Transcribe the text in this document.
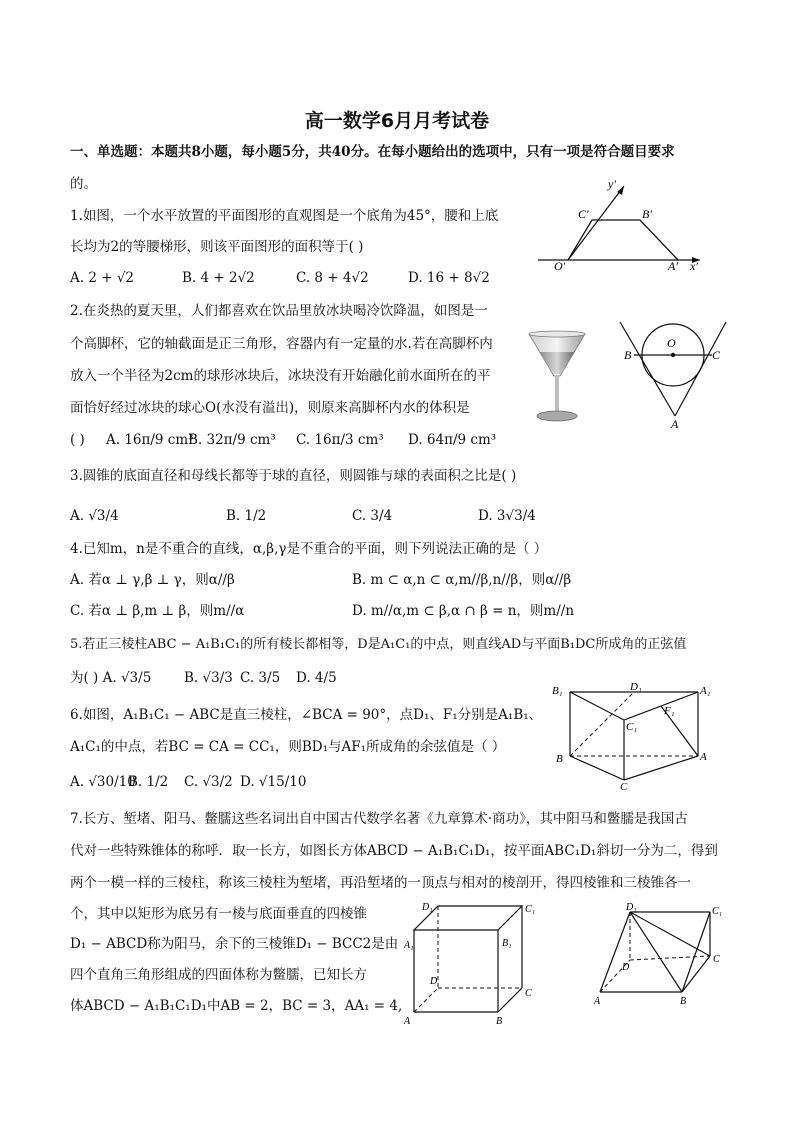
高一数学6月月考试卷
一、单选题：本题共8小题，每小题5分，共40分。在每小题给出的选项中，只有一项是符合题目要求
的。
1.如图，一个水平放置的平面图形的直观图是一个底角为45°，腰和上底
长均为2的等腰梯形，则该平面图形的面积等于( )
A. 2 + √2	B. 4 + 2√2	C. 8 + 4√2	D. 16 + 8√2
y′
x′
O′	A′
B′
C′
2.在炎热的夏天里，人们都喜欢在饮品里放冰块喝冷饮降温，如图是一
个高脚杯，它的轴截面是正三角形，容器内有一定量的水.若在高脚杯内
放入一个半径为2cm的球形冰块后，冰块没有开始融化前水面所在的平
面恰好经过冰块的球心O(水没有溢出)，则原来高脚杯内水的体积是
( ) A. 16π/9 cm³
B. 32π/9 cm³ C. 16π/3 cm³ D. 64π/9 cm³
O
B	C
A
3.圆锥的底面直径和母线长都等于球的直径，则圆锥与球的表面积之比是( )
A. √3/4	B. 1/2	C. 3/4	D. 3√3/4
4.已知m，n是不重合的直线，α,β,γ是不重合的平面，则下列说法正确的是（ ）
A. 若α ⊥ γ,β ⊥ γ，则α//β	B. m ⊂ α,n ⊂ α,m//β,n//β，则α//β
C. 若α ⊥ β,m ⊥ β，则m//α	D. m//α,m ⊂ β,α ∩ β = n，则m//n
5.若正三棱柱ABC − A₁B₁C₁的所有棱长都相等，D是A₁C₁的中点，则直线AD与平面B₁DC所成角的正弦值
为( ) A. √3/5 B. √3/3 C. 3/5 D. 4/5
6.如图，A₁B₁C₁ − ABC是直三棱柱，∠BCA = 90°，点D₁、F₁分别是A₁B₁、
A₁C₁的中点，若BC = CA = CC₁，则BD₁与AF₁所成角的余弦值是（ ）
A. √30/10
B. 1/2 C. √3/2 D. √15/10
B₁	D₁	A₁
F₁
C₁
B	A
C
7.长方、堑堵、阳马、鳖臑这些名词出自中国古代数学名著《九章算术·商功》，其中阳马和鳖臑是我国古
代对一些特殊锥体的称呼．取一长方，如图长方体ABCD − A₁B₁C₁D₁，按平面ABC₁D₁斜切一分为二，得到
两个一模一样的三棱柱，称该三棱柱为堑堵，再沿堑堵的一顶点与相对的棱剖开，得四棱锥和三棱锥各一
个，其中以矩形为底另有一棱与底面垂直的四棱锥
D₁ − ABCD称为阳马，余下的三棱锥D₁ − BCC2是由
四个直角三角形组成的四面体称为鳖臑，已知长方
体ABCD − A₁B₁C₁D₁中AB = 2，BC = 3，AA₁ = 4,
D₁	C₁
A₁	B₁
D
C
A	B
D₁	C₁
D
C
A	B
